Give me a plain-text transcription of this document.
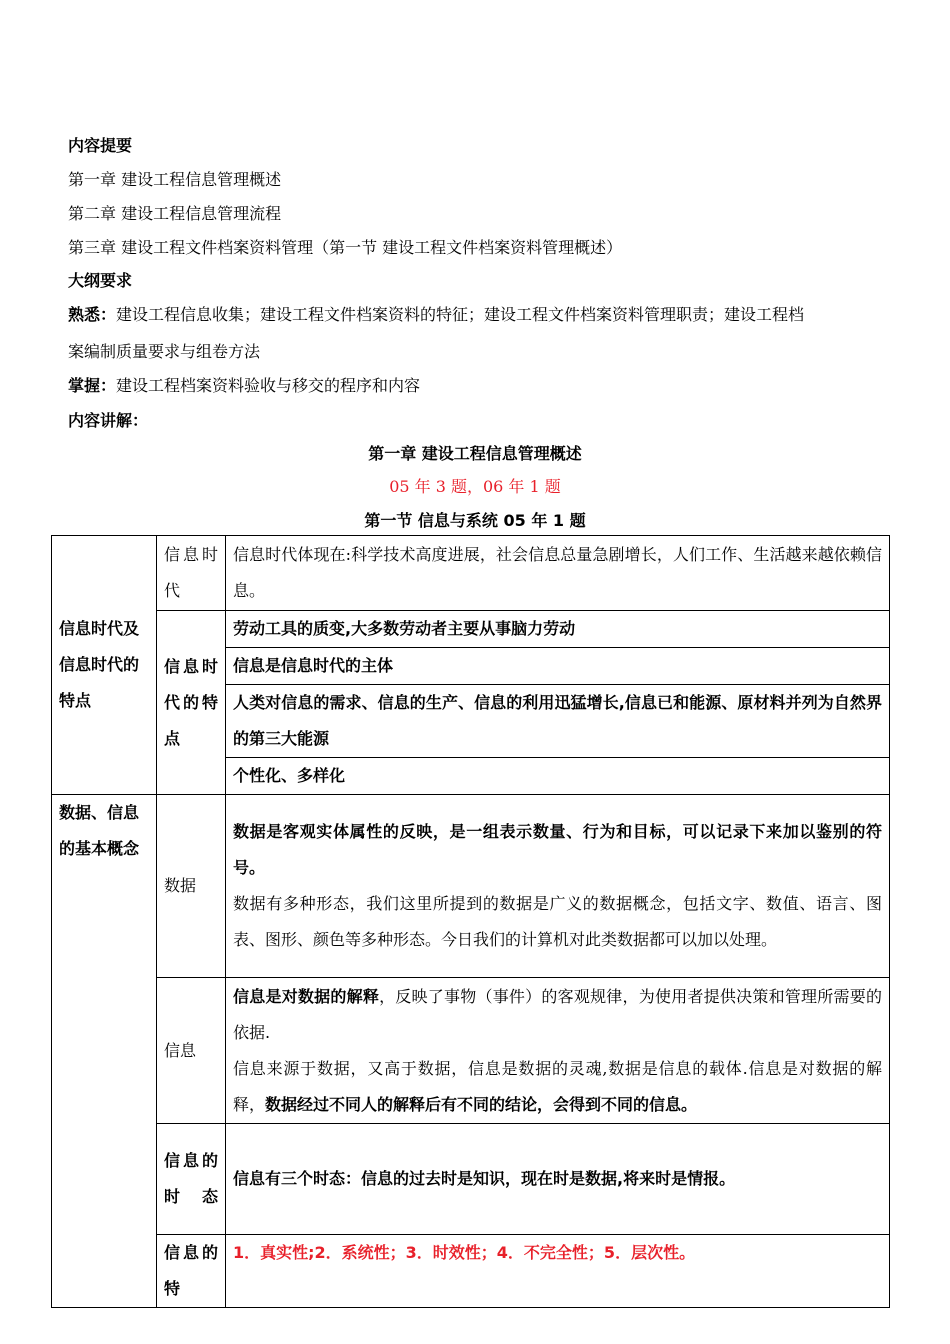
内容提要
第一章 建设工程信息管理概述
第二章 建设工程信息管理流程
第三章 建设工程文件档案资料管理（第一节 建设工程文件档案资料管理概述）
大纲要求
熟悉：建设工程信息收集；建设工程文件档案资料的特征；建设工程文件档案资料管理职责；建设工程档
案编制质量要求与组卷方法
掌握：建设工程档案资料验收与移交的程序和内容
内容讲解：
第一章 建设工程信息管理概述
05 年 3 题，06 年 1 题
第一节 信息与系统 05 年 1 题
信息时代及信息时代的特点	信息时代	信息时代体现在:科学技术高度进展，社会信息总量急剧增长，人们工作、生活越来越依赖信息。
	信息时代的特点	劳动工具的质变,大多数劳动者主要从事脑力劳动
		信息是信息时代的主体
		人类对信息的需求、信息的生产、信息的利用迅猛增长,信息已和能源、原材料并列为自然界的第三大能源
		个性化、多样化
数据、信息的基本概念	数据	数据是客观实体属性的反映，是一组表示数量、行为和目标，可以记录下来加以鉴别的符号。
数据有多种形态，我们这里所提到的数据是广义的数据概念，包括文字、数值、语言、图表、图形、颜色等多种形态。今日我们的计算机对此类数据都可以加以处理。

	信息	信息是对数据的解释，反映了事物（事件）的客观规律，为使用者提供决策和管理所需要的依据.
信息来源于数据，又高于数据，信息是数据的灵魂,数据是信息的载体.信息是对数据的解释，数据经过不同人的解释后有不同的结论，会得到不同的信息。

	信息的时态	信息有三个时态：信息的过去时是知识，现在时是数据,将来时是情报。
	信息的特	1．真实性;2．系统性；3．时效性；4．不完全性；5．层次性。
